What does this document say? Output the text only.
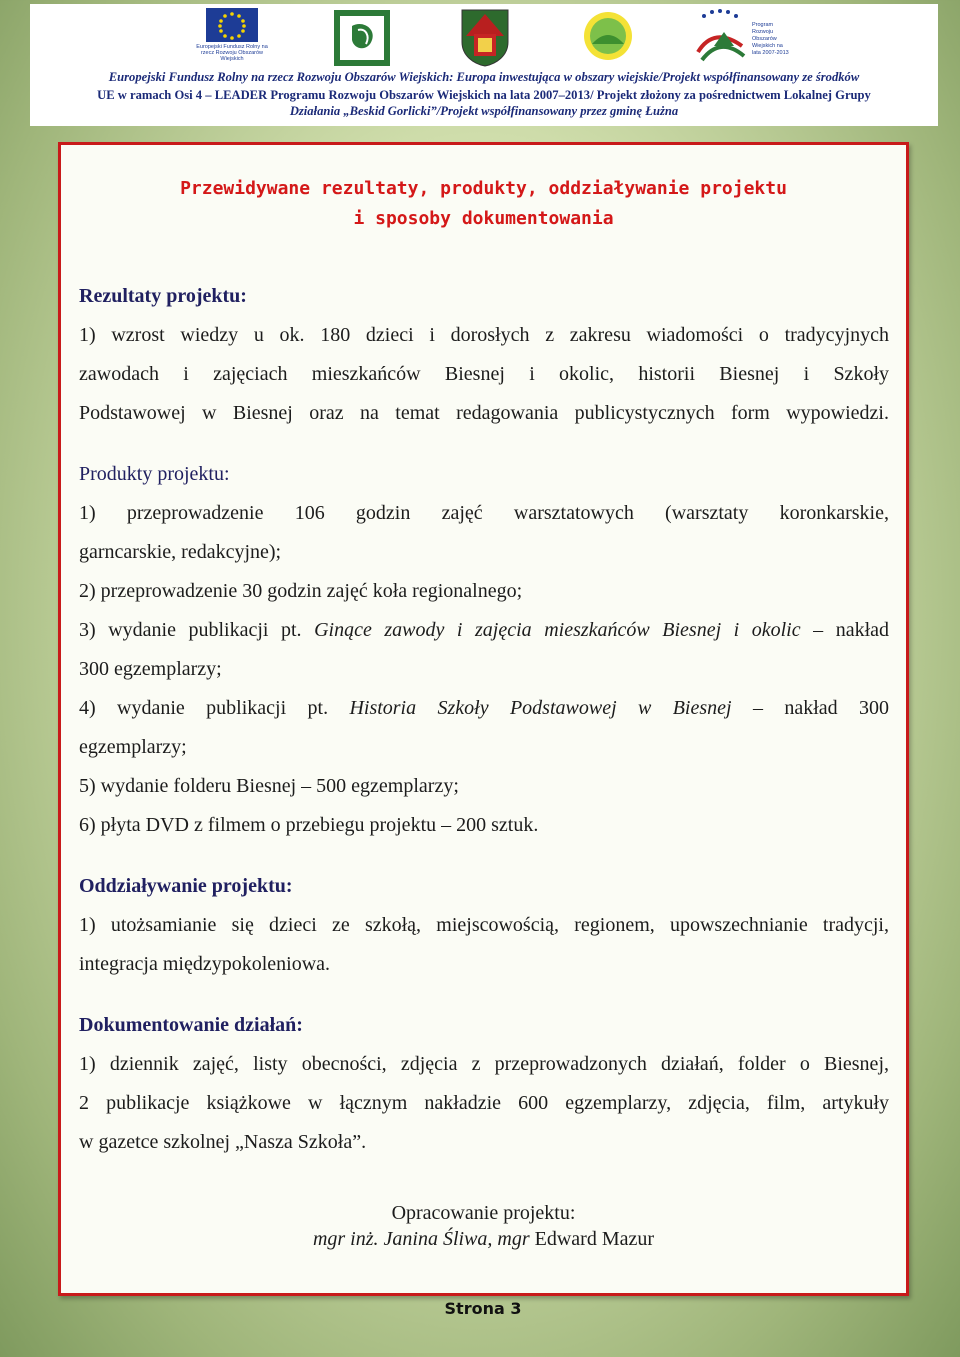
Europejski Fundusz Rolny na rzecz Rozwoju Obszarów Wiejskich
Program Rozwoju Obszarów Wiejskich na lata 2007-2013
Europejski Fundusz Rolny na rzecz Rozwoju Obszarów Wiejskich: Europa inwestująca w obszary wiejskie/Projekt współfinansowany ze środków
UE w ramach Osi 4 – LEADER Programu Rozwoju Obszarów Wiejskich na lata 2007–2013/ Projekt złożony za pośrednictwem Lokalnej Grupy
Działania „Beskid Gorlicki”/Projekt współfinansowany przez gminę Łużna
Przewidywane rezultaty, produkty, oddziaływanie projektu
i sposoby dokumentowania
Rezultaty projektu:
1) wzrost wiedzy u ok. 180 dzieci i dorosłych z zakresu wiadomości o tradycyjnych
zawodach i zajęciach mieszkańców Biesnej i okolic, historii Biesnej i Szkoły
Podstawowej w Biesnej oraz na temat redagowania publicystycznych form wypowiedzi.
Produkty projektu:
1) przeprowadzenie 106 godzin zajęć warsztatowych (warsztaty koronkarskie,
garncarskie, redakcyjne);
2) przeprowadzenie 30 godzin zajęć koła regionalnego;
3) wydanie publikacji pt. Ginące zawody i zajęcia mieszkańców Biesnej i okolic – nakład
300 egzemplarzy;
4) wydanie publikacji pt. Historia Szkoły Podstawowej w Biesnej – nakład 300
egzemplarzy;
5) wydanie folderu Biesnej – 500 egzemplarzy;
6) płyta DVD z filmem o przebiegu projektu – 200 sztuk.
Oddziaływanie projektu:
1) utożsamianie się dzieci ze szkołą, miejscowością, regionem, upowszechnianie tradycji,
integracja międzypokoleniowa.
Dokumentowanie działań:
1) dziennik zajęć, listy obecności, zdjęcia z przeprowadzonych działań, folder o Biesnej,
2 publikacje książkowe w łącznym nakładzie 600 egzemplarzy, zdjęcia, film, artykuły
w gazetce szkolnej „Nasza Szkoła”.
Opracowanie projektu:
mgr inż. Janina Śliwa, mgr Edward Mazur
Strona 3
